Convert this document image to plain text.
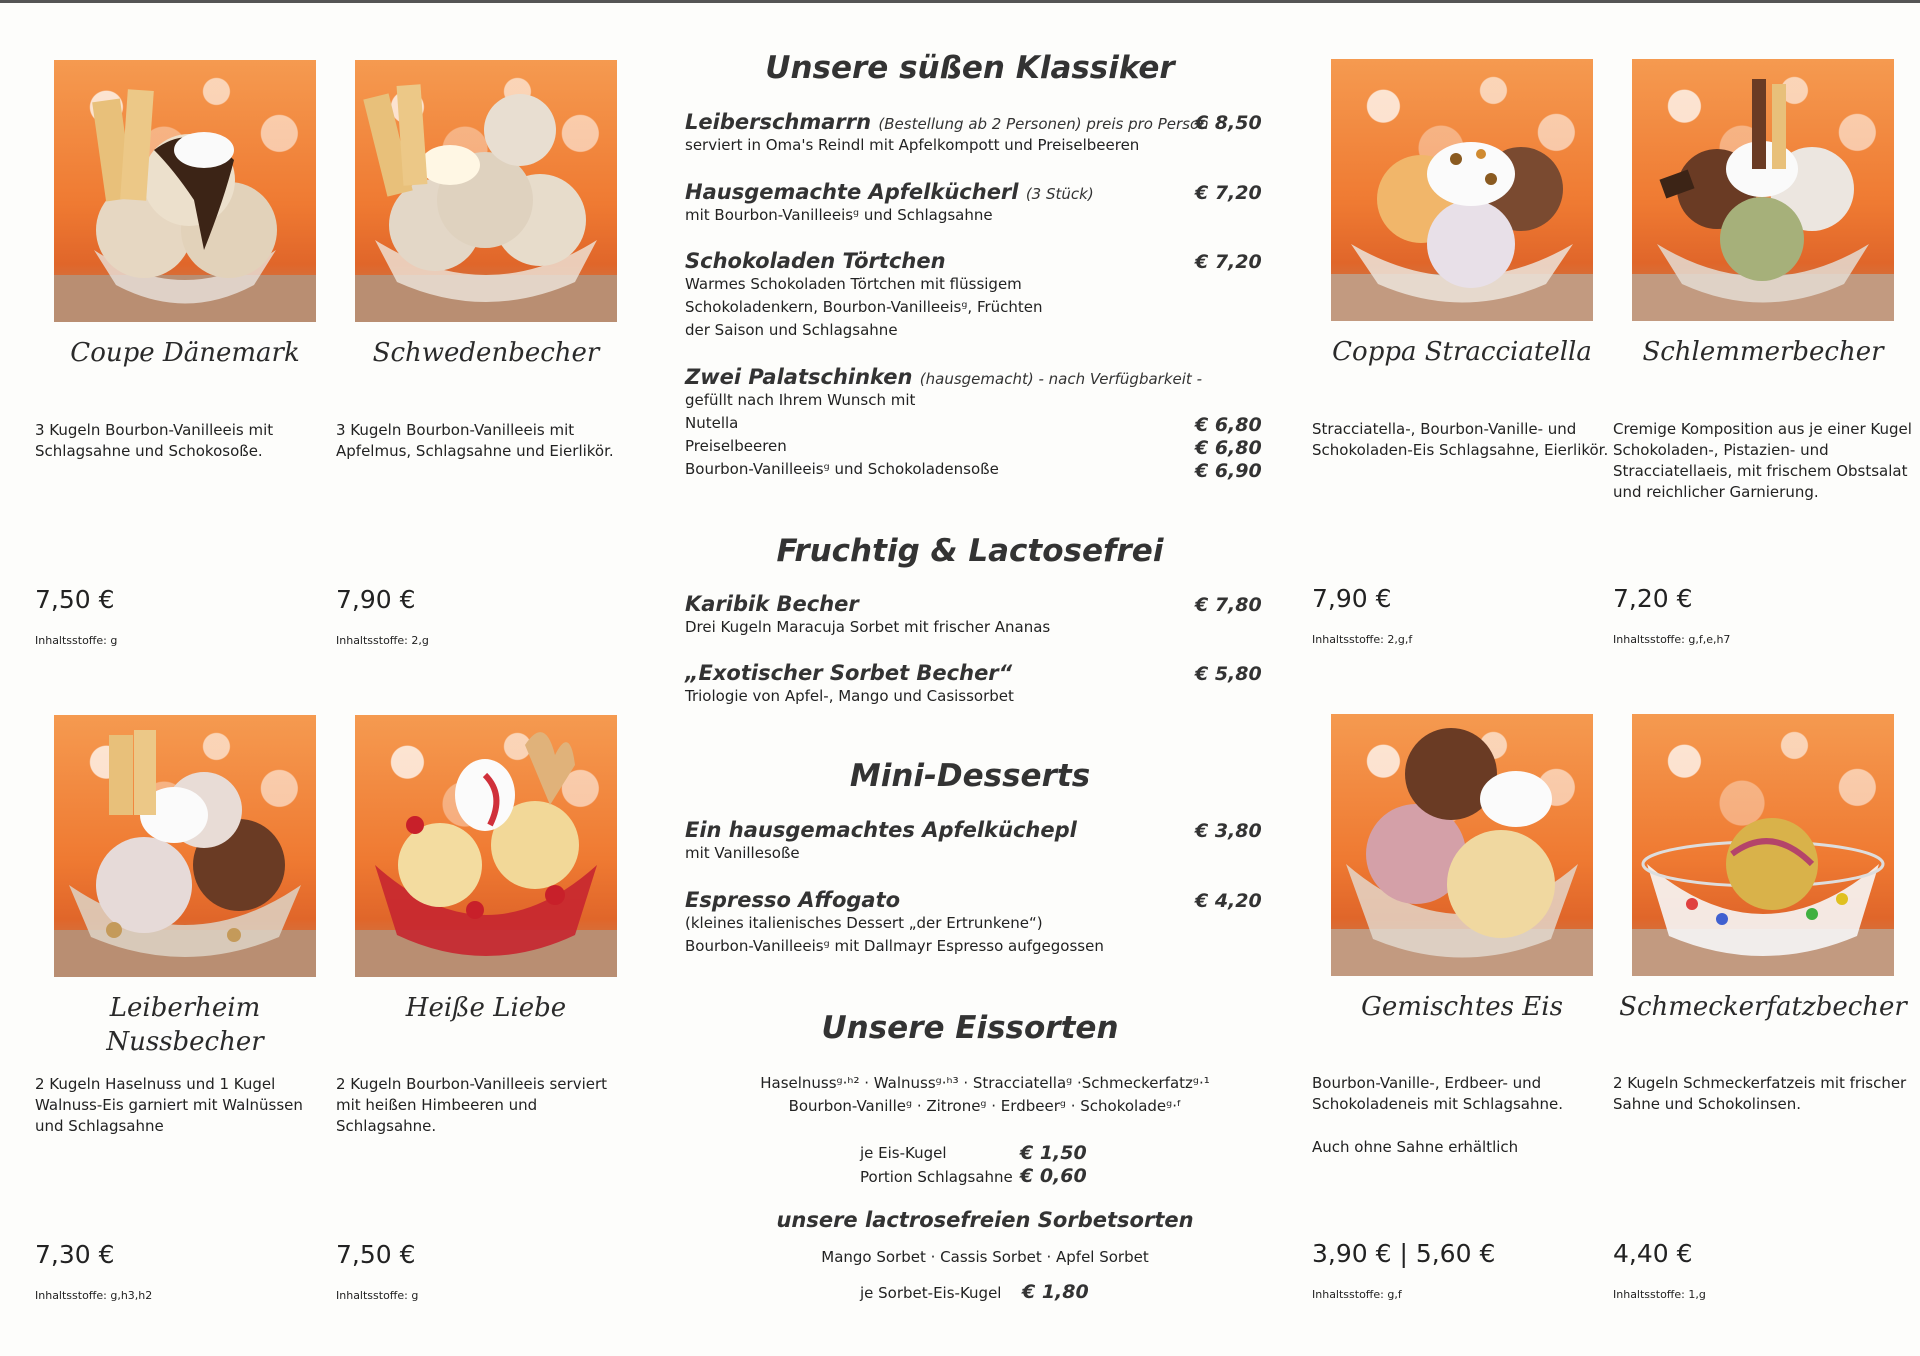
Coupe Dänemark
3 Kugeln Bourbon-Vanilleeis mit Schlagsahne und Schokosoße.
7,50 €
Inhaltsstoffe: g
Schwedenbecher
3 Kugeln Bourbon-Vanilleeis mit Apfelmus, Schlagsahne und Eierlikör.
7,90 €
Inhaltsstoffe: 2,g
Coppa Stracciatella
Stracciatella-, Bourbon-Vanille- und Schokoladen-Eis Schlagsahne, Eierlikör.
7,90 €
Inhaltsstoffe: 2,g,f
Schlemmerbecher
Cremige Komposition aus je einer Kugel Schokoladen-, Pistazien- und Stracciatellaeis, mit frischem Obstsalat und reichlicher Garnierung.
7,20 €
Inhaltsstoffe: g,f,e,h7
Leiberheim Nussbecher
2 Kugeln Haselnuss und 1 Kugel Walnuss-Eis garniert mit Walnüssen und Schlagsahne
7,30 €
Inhaltsstoffe: g,h3,h2
Heiße Liebe
2 Kugeln Bourbon-Vanilleeis serviert mit heißen Himbeeren und Schlagsahne.
7,50 €
Inhaltsstoffe: g
Gemischtes Eis
Bourbon-Vanille-, Erdbeer- und Schokoladeneis mit Schlagsahne.
Auch ohne Sahne erhältlich
3,90 € | 5,60 €
Inhaltsstoffe: g,f
Schmeckerfatzbecher
2 Kugeln Schmeckerfatzeis mit frischer Sahne und Schokolinsen.
4,40 €
Inhaltsstoffe: 1,g
Unsere süßen Klassiker
Leiberschmarrn (Bestellung ab 2 Personen) preis pro Person
serviert in Oma's Reindl mit Apfelkompott und Preiselbeeren
€ 8,50
Hausgemachte Apfelkücherl (3 Stück)
mit Bourbon-Vanilleeisᵍ und Schlagsahne
€ 7,20
Schokoladen Törtchen
Warmes Schokoladen Törtchen mit flüssigem
Schokoladenkern, Bourbon-Vanilleeisᵍ, Früchten
der Saison und Schlagsahne
€ 7,20
Zwei Palatschinken (hausgemacht) - nach Verfügbarkeit -
gefüllt nach Ihrem Wunsch mit
Nutella
Preiselbeeren
Bourbon-Vanilleeisᵍ und Schokoladensoße
€ 6,80
€ 6,80
€ 6,90
Fruchtig & Lactosefrei
Karibik Becher
Drei Kugeln Maracuja Sorbet mit frischer Ananas
€ 7,80
„Exotischer Sorbet Becher“
Triologie von Apfel-, Mango und Casissorbet
€ 5,80
Mini-Desserts
Ein hausgemachtes Apfelküchерl
mit Vanillesoße
€ 3,80
Espresso Affogato
(kleines italienisches Dessert „der Ertrunkene“)
Bourbon-Vanilleeisᵍ mit Dallmayr Espresso aufgegossen
€ 4,20
Unsere Eissorten
Haselnussᵍ·ʰ² · Walnussᵍ·ʰ³ · Stracciatellaᵍ ·Schmeckerfatzᵍ·¹
Bourbon-Vanilleᵍ · Zitroneᵍ · Erdbeerᵍ · Schokoladeᵍ·ᶠ
je Eis-Kugel	€ 1,50
Portion Schlagsahne € 0,60
unsere lactrosefreien Sorbetsorten
Mango Sorbet · Cassis Sorbet · Apfel Sorbet
je Sorbet-Eis-Kugel € 1,80
